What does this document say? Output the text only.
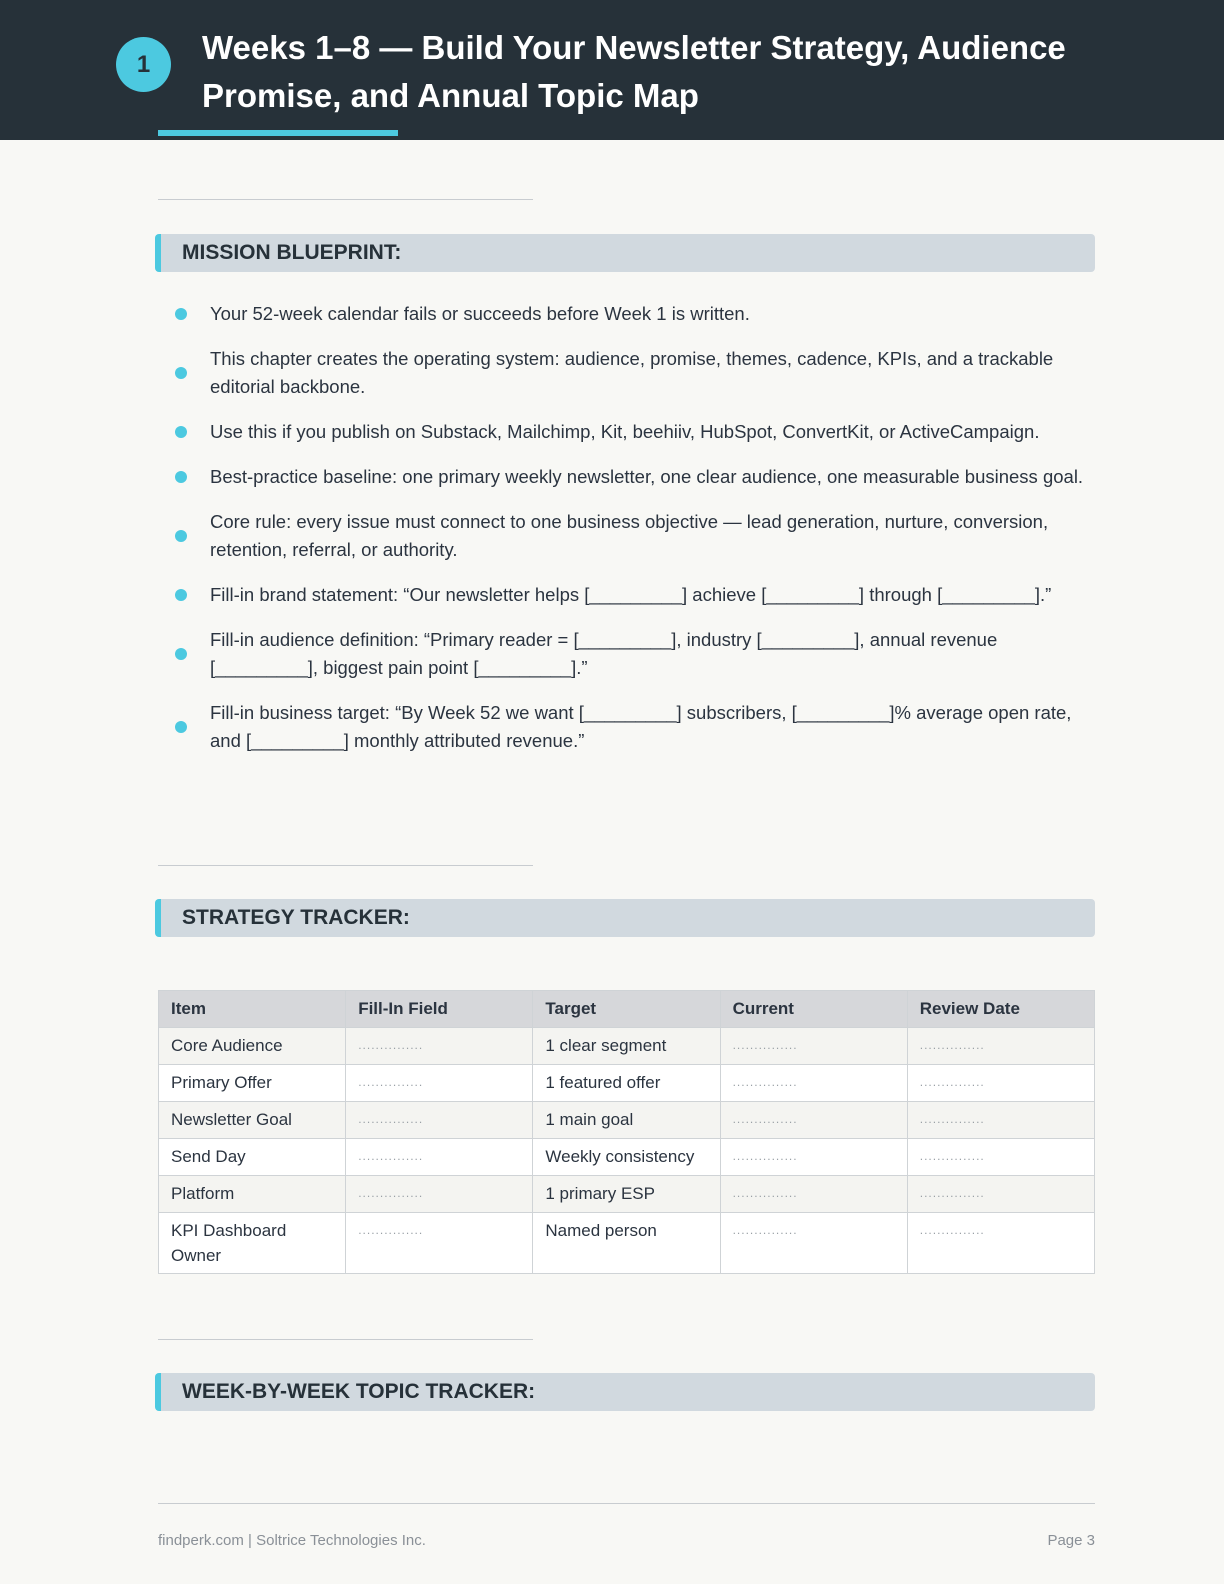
1	Weeks 1–8 — Build Your Newsletter Strategy, Audience Promise, and Annual Topic Map
MISSION BLUEPRINT:
Your 52-week calendar fails or succeeds before Week 1 is written.
This chapter creates the operating system: audience, promise, themes, cadence, KPIs, and a trackable editorial backbone.
Use this if you publish on Substack, Mailchimp, Kit, beehiiv, HubSpot, ConvertKit, or ActiveCampaign.
Best-practice baseline: one primary weekly newsletter, one clear audience, one measurable business goal.
Core rule: every issue must connect to one business objective — lead generation, nurture, conversion, retention, referral, or authority.
Fill-in brand statement: “Our newsletter helps [_________] achieve [_________] through [_________].”
Fill-in audience definition: “Primary reader = [_________], industry [_________], annual revenue [_________], biggest pain point [_________].”
Fill-in business target: “By Week 52 we want [_________] subscribers, [_________]% average open rate, and [_________] monthly attributed revenue.”
STRATEGY TRACKER:
Item	Fill-In Field	Target	Current	Review Date
Core Audience	...............	1 clear segment	...............	...............
Primary Offer	...............	1 featured offer	...............	...............
Newsletter Goal	...............	1 main goal	...............	...............
Send Day	...............	Weekly consistency	...............	...............
Platform	...............	1 primary ESP	...............	...............
KPI Dashboard Owner	...............	Named person	...............	...............
WEEK-BY-WEEK TOPIC TRACKER:
findperk.com | Soltrice Technologies Inc.	Page 3
